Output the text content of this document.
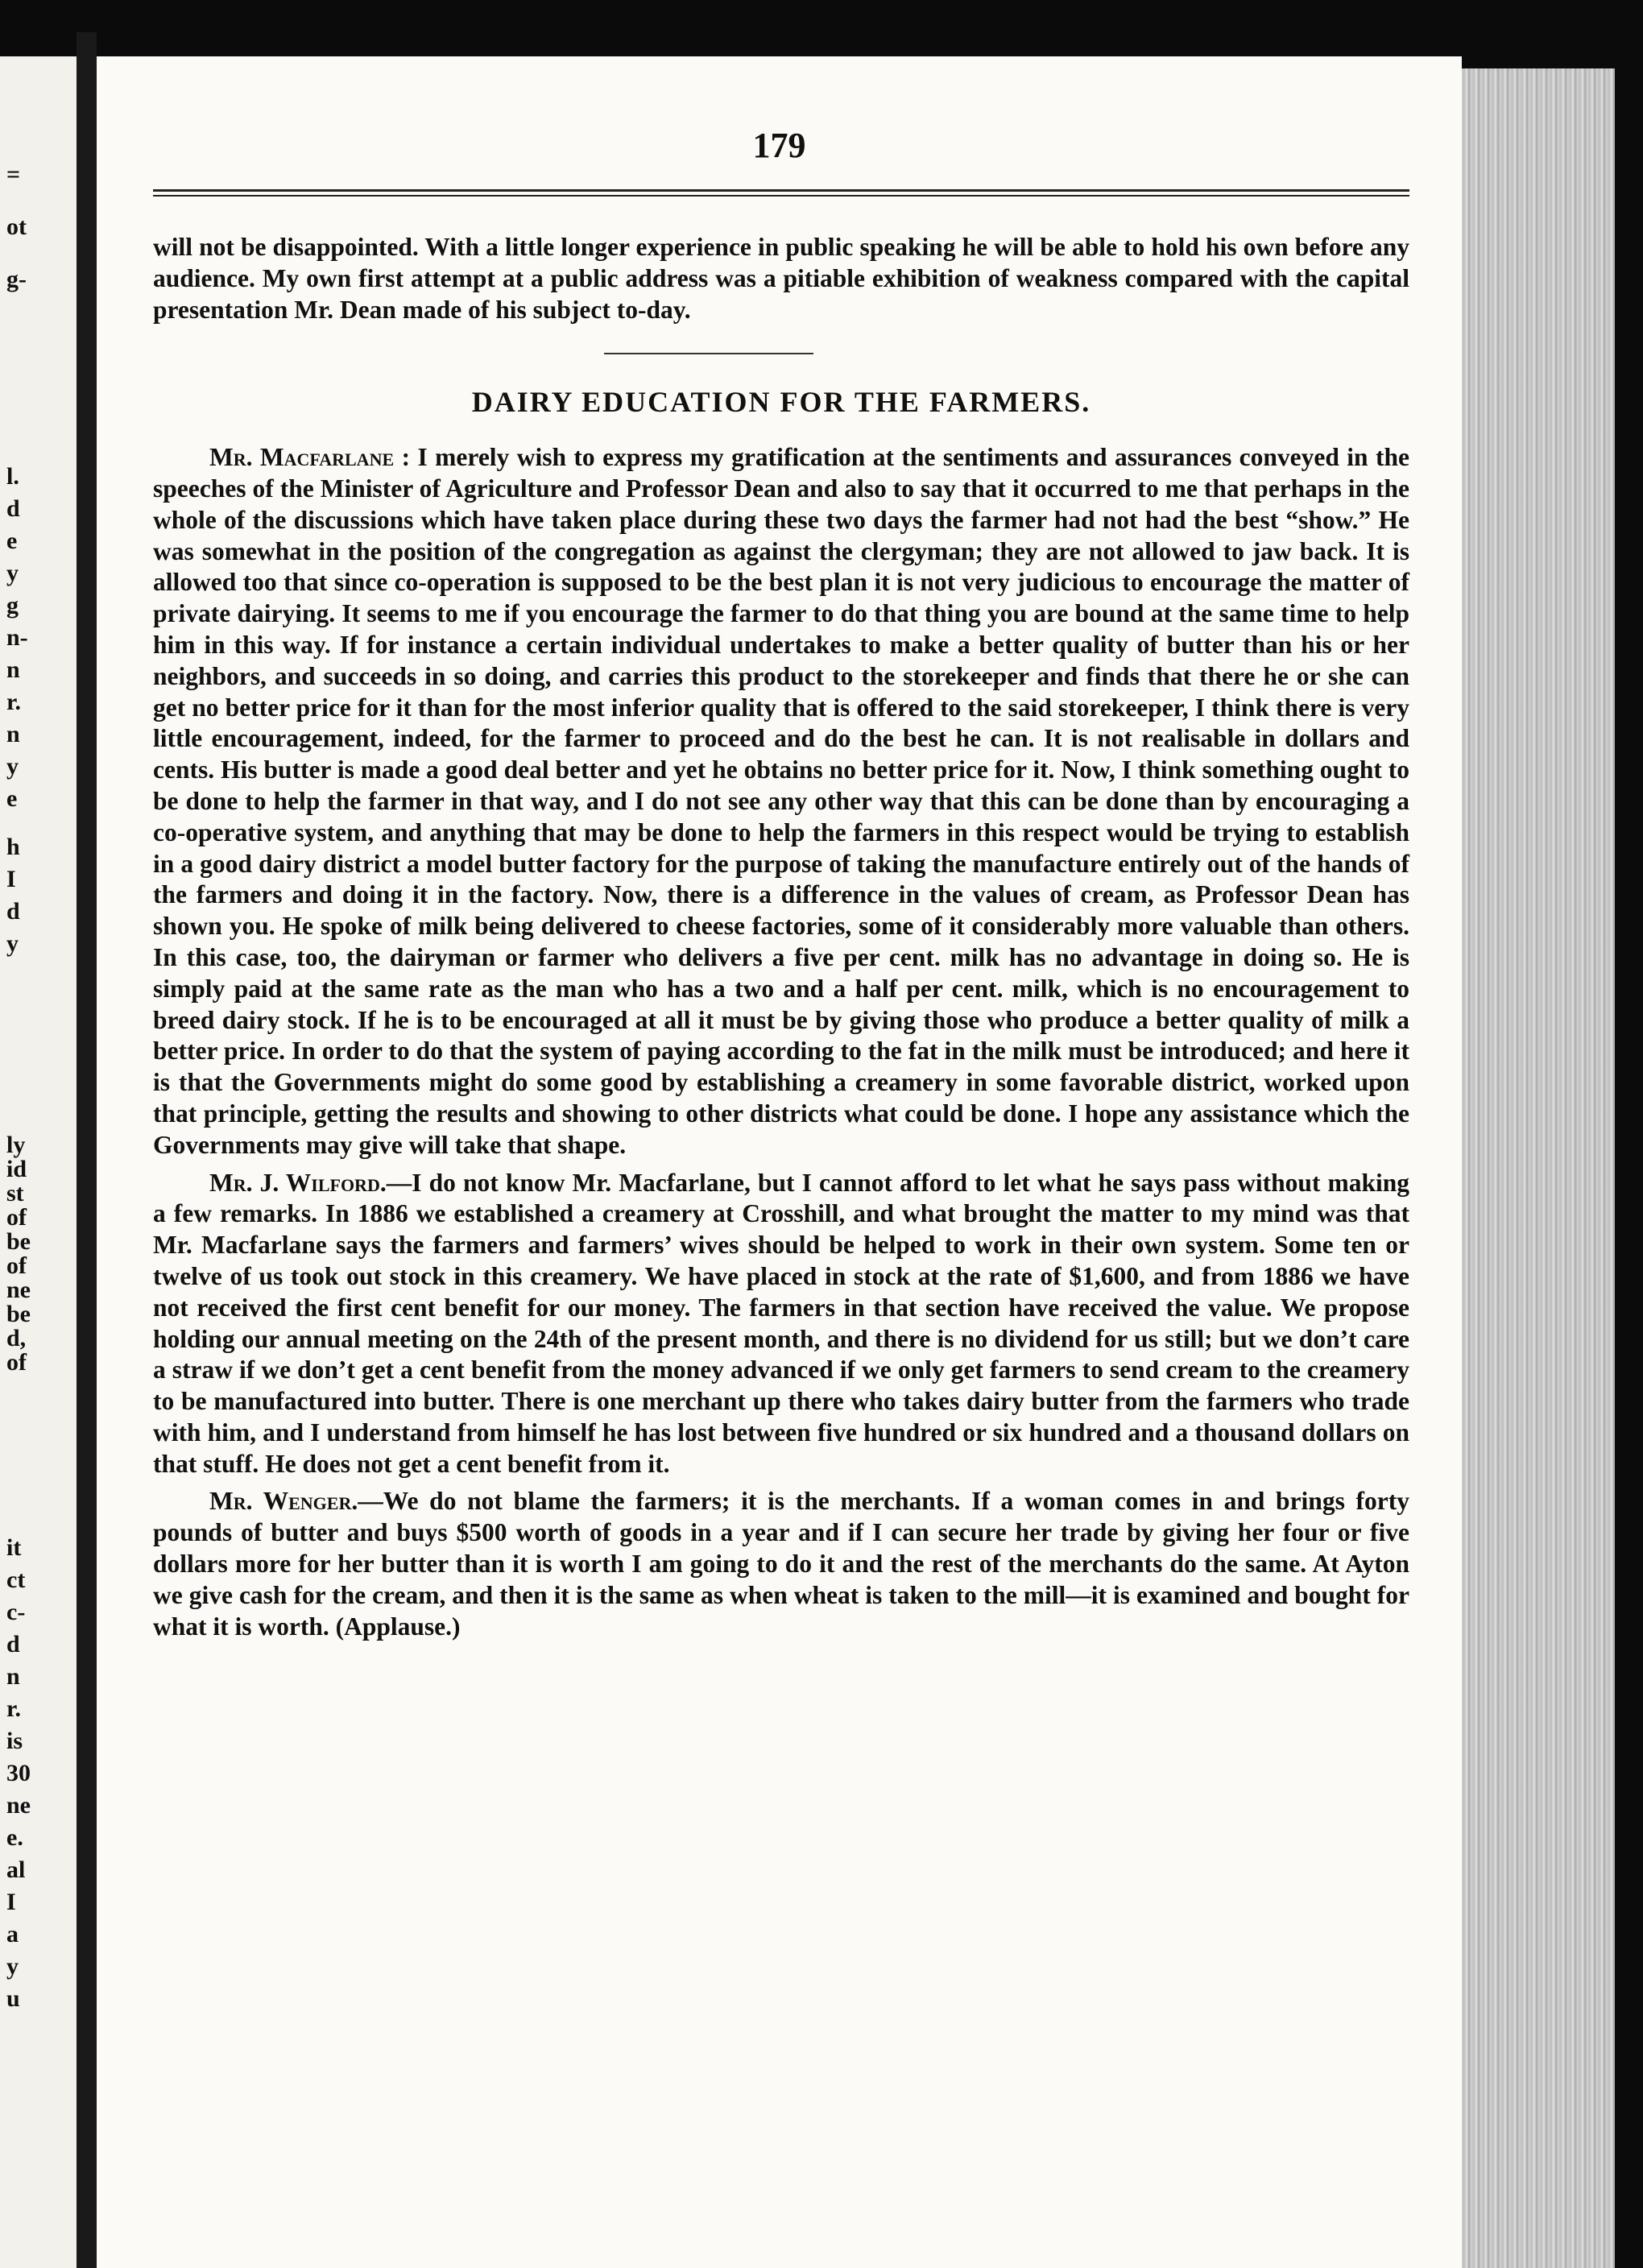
=
ot
g-
l.
d
e
y
g
n-
n
r.
n
y
e
h
I
d
y
ly
id
st
of
be
of
ne
be
d,
of
it
ct
c-
d
n
r.
is
30
ne
e.
al
I
a
y
u
179

will not be disappointed. With a little longer experience in public speaking he will be able to hold his own before any audience. My own first attempt at a public address was a pitiable exhibition of weakness compared with the capital presentation Mr. Dean made of his subject to-day.

DAIRY EDUCATION FOR THE FARMERS.

Mr. Macfarlane : I merely wish to express my gratification at the sentiments and assurances conveyed in the speeches of the Minister of Agriculture and Professor Dean and also to say that it occurred to me that perhaps in the whole of the discussions which have taken place during these two days the farmer had not had the best “show.” He was somewhat in the position of the congregation as against the clergyman; they are not allowed to jaw back. It is allowed too that since co-operation is supposed to be the best plan it is not very judicious to encourage the matter of private dairying. It seems to me if you encourage the farmer to do that thing you are bound at the same time to help him in this way. If for instance a certain individual undertakes to make a better quality of butter than his or her neighbors, and succeeds in so doing, and carries this product to the storekeeper and finds that there he or she can get no better price for it than for the most inferior quality that is offered to the said storekeeper, I think there is very little encouragement, indeed, for the farmer to proceed and do the best he can. It is not realisable in dollars and cents. His butter is made a good deal better and yet he obtains no better price for it. Now, I think something ought to be done to help the farmer in that way, and I do not see any other way that this can be done than by encouraging a co-operative system, and anything that may be done to help the farmers in this respect would be trying to establish in a good dairy district a model butter factory for the purpose of taking the manufacture entirely out of the hands of the farmers and doing it in the factory. Now, there is a difference in the values of cream, as Professor Dean has shown you. He spoke of milk being delivered to cheese factories, some of it considerably more valuable than others. In this case, too, the dairyman or farmer who delivers a five per cent. milk has no advantage in doing so. He is simply paid at the same rate as the man who has a two and a half per cent. milk, which is no encouragement to breed dairy stock. If he is to be encouraged at all it must be by giving those who produce a better quality of milk a better price. In order to do that the system of paying according to the fat in the milk must be introduced; and here it is that the Governments might do some good by establishing a creamery in some favorable district, worked upon that principle, getting the results and showing to other districts what could be done. I hope any assistance which the Governments may give will take that shape.

Mr. J. Wilford.—I do not know Mr. Macfarlane, but I cannot afford to let what he says pass without making a few remarks. In 1886 we established a creamery at Crosshill, and what brought the matter to my mind was that Mr. Macfarlane says the farmers and farmers’ wives should be helped to work in their own system. Some ten or twelve of us took out stock in this creamery. We have placed in stock at the rate of $1,600, and from 1886 we have not received the first cent benefit for our money. The farmers in that section have received the value. We propose holding our annual meeting on the 24th of the present month, and there is no dividend for us still; but we don’t care a straw if we don’t get a cent benefit from the money advanced if we only get farmers to send cream to the creamery to be manufactured into butter. There is one merchant up there who takes dairy butter from the farmers who trade with him, and I understand from himself he has lost between five hundred or six hundred and a thousand dollars on that stuff. He does not get a cent benefit from it.

Mr. Wenger.—We do not blame the farmers; it is the merchants. If a woman comes in and brings forty pounds of butter and buys $500 worth of goods in a year and if I can secure her trade by giving her four or five dollars more for her butter than it is worth I am going to do it and the rest of the merchants do the same. At Ayton we give cash for the cream, and then it is the same as when wheat is taken to the mill—it is examined and bought for what it is worth. (Applause.)
